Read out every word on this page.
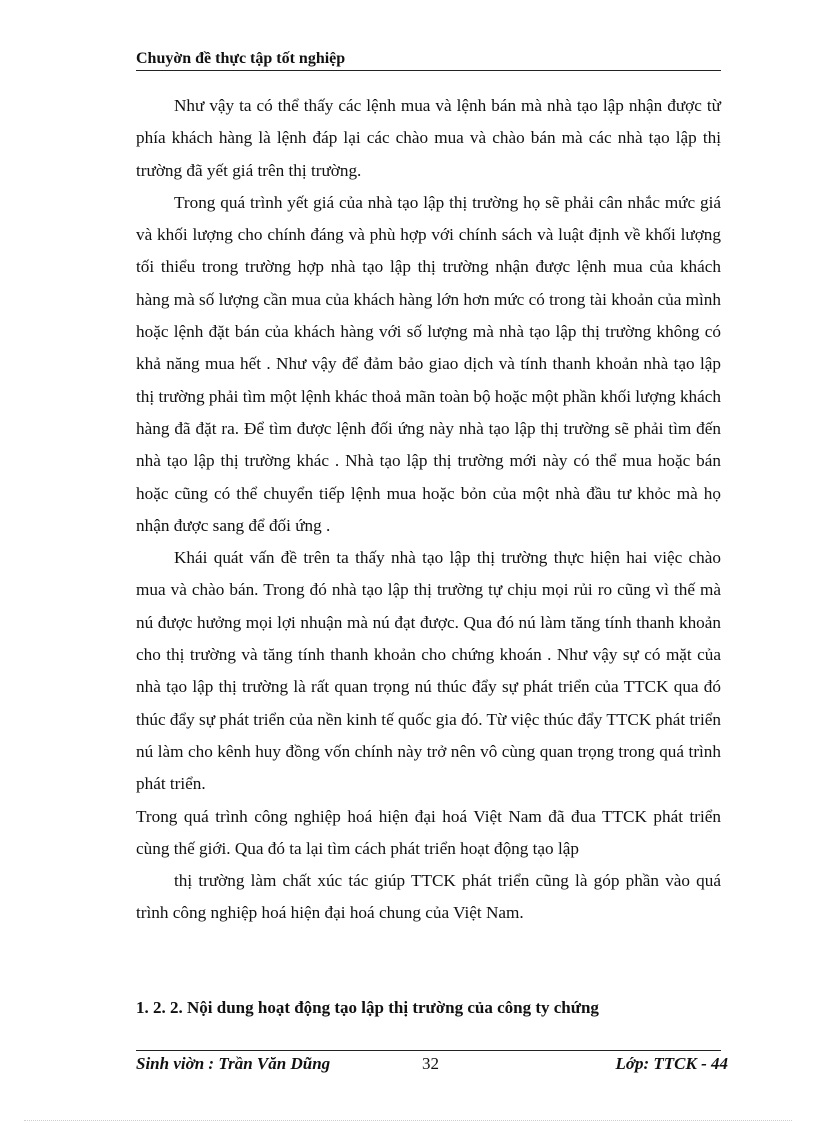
Chuyờn đề thực tập tốt nghiệp

Như vậy ta có thể thấy các lệnh mua và lệnh bán mà nhà tạo lập nhận được từ phía khách hàng là lệnh đáp lại các chào mua và chào bán mà các nhà tạo lập thị trường đã yết giá trên thị trường.

Trong quá trình yết giá của nhà tạo lập thị trường họ sẽ phải cân nhắc mức giá và khối lượng cho chính đáng và phù hợp với chính sách và luật định về khối lượng tối thiểu trong trường hợp nhà tạo lập thị trường nhận được lệnh mua của khách hàng mà số lượng cần mua của khách hàng lớn hơn mức có trong tài khoản của mình hoặc lệnh đặt bán của khách hàng với số lượng mà nhà tạo lập thị trường không có khả năng mua hết . Như vậy để đảm bảo giao dịch và tính thanh khoản nhà tạo lập thị trường phải tìm một lệnh khác thoả mãn toàn bộ hoặc một phần khối lượng khách hàng đã đặt ra. Để tìm được lệnh đối ứng này nhà tạo lập thị trường sẽ phải tìm đến nhà tạo lập thị trường khác . Nhà tạo lập thị trường mới này có thể mua hoặc bán hoặc cũng có thể chuyển tiếp lệnh mua hoặc bỏn của một nhà đầu tư khỏc mà họ nhận được sang để đối ứng .

Khái quát vấn đề trên ta thấy nhà tạo lập thị trường thực hiện hai việc chào mua và chào bán. Trong đó nhà tạo lập thị trường tự chịu mọi rủi ro cũng vì thế mà nú được hưởng mọi lợi nhuận mà nú đạt được. Qua đó nú làm tăng tính thanh khoản cho thị trường và tăng tính thanh khoản cho chứng khoán . Như vậy sự có mặt của nhà tạo lập thị trường là rất quan trọng nú thúc đẩy sự phát triển của TTCK qua đó thúc đẩy sự phát triển của nền kinh tế quốc gia đó. Từ việc thúc đẩy TTCK phát triển nú làm cho kênh huy đồng vốn chính này trở nên vô cùng quan trọng trong quá trình phát triển.

Trong quá trình công nghiệp hoá hiện đại hoá Việt Nam đã đua TTCK phát triển cùng thế giới. Qua đó ta lại tìm cách phát triển hoạt động tạo lập

thị trường làm chất xúc tác giúp TTCK phát triển cũng là góp phần vào quá trình công nghiệp hoá hiện đại hoá chung của Việt Nam.

1. 2. 2. Nội dung hoạt động tạo lập thị trường của công ty chứng
Sinh viờn : Trần Văn Dũng	32	Lớp: TTCK - 44
